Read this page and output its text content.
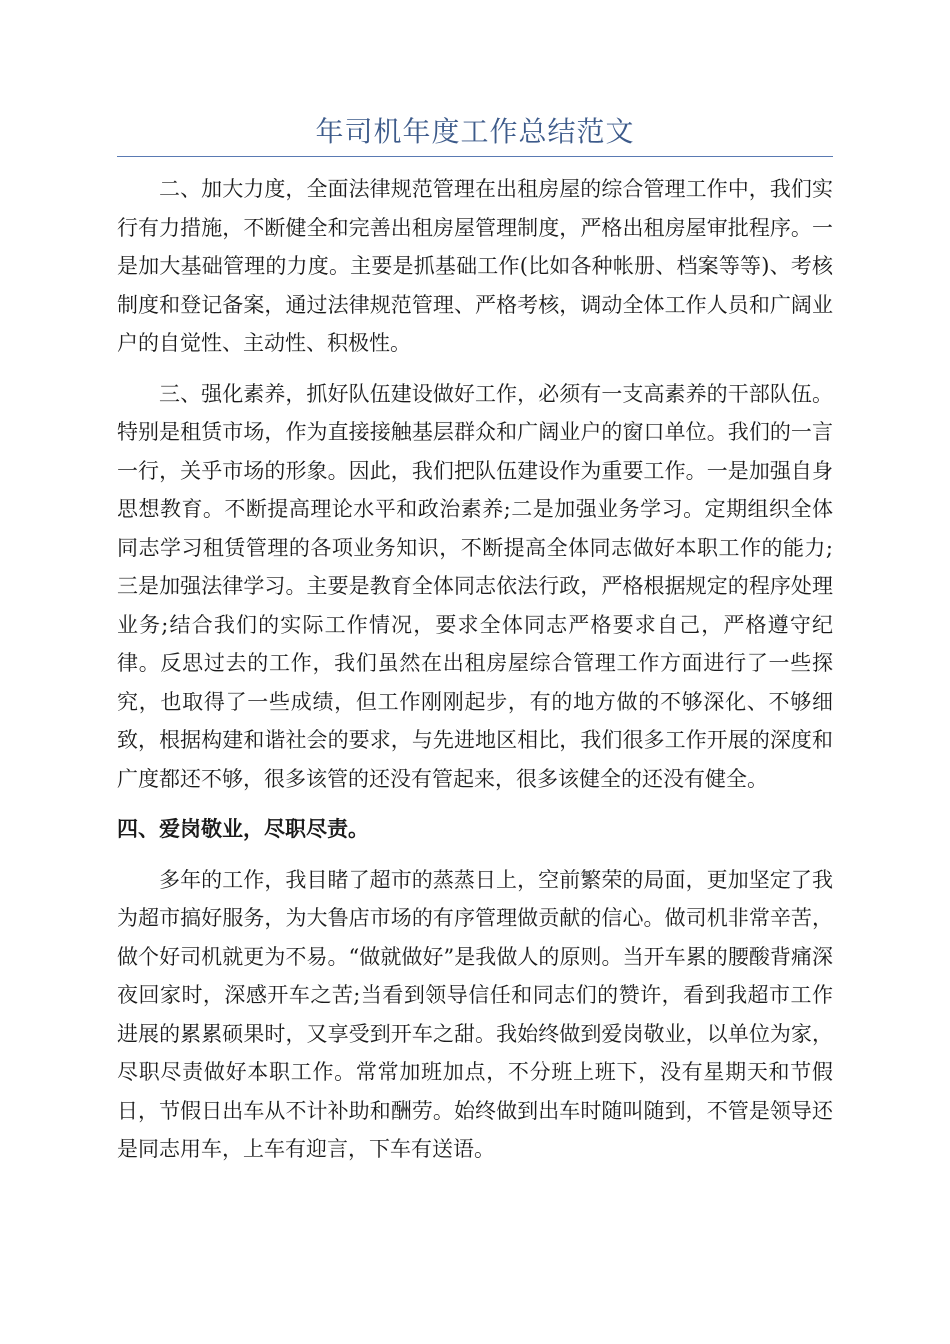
年司机年度工作总结范文

二、加大力度，全面法律规范管理在出租房屋的综合管理工作中，我们实行有力措施，不断健全和完善出租房屋管理制度，严格出租房屋审批程序。一是加大基础管理的力度。主要是抓基础工作(比如各种帐册、档案等等)、考核制度和登记备案，通过法律规范管理、严格考核，调动全体工作人员和广阔业户的自觉性、主动性、积极性。

三、强化素养，抓好队伍建设做好工作，必须有一支高素养的干部队伍。特别是租赁市场，作为直接接触基层群众和广阔业户的窗口单位。我们的一言一行，关乎市场的形象。因此，我们把队伍建设作为重要工作。一是加强自身思想教育。不断提高理论水平和政治素养;二是加强业务学习。定期组织全体同志学习租赁管理的各项业务知识，不断提高全体同志做好本职工作的能力;三是加强法律学习。主要是教育全体同志依法行政，严格根据规定的程序处理业务;结合我们的实际工作情况，要求全体同志严格要求自己，严格遵守纪律。反思过去的工作，我们虽然在出租房屋综合管理工作方面进行了一些探究，也取得了一些成绩，但工作刚刚起步，有的地方做的不够深化、不够细致，根据构建和谐社会的要求，与先进地区相比，我们很多工作开展的深度和广度都还不够，很多该管的还没有管起来，很多该健全的还没有健全。

四、爱岗敬业，尽职尽责。

多年的工作，我目睹了超市的蒸蒸日上，空前繁荣的局面，更加坚定了我为超市搞好服务，为大鲁店市场的有序管理做贡献的信心。做司机非常辛苦，做个好司机就更为不易。“做就做好”是我做人的原则。当开车累的腰酸背痛深夜回家时，深感开车之苦;当看到领导信任和同志们的赞许，看到我超市工作进展的累累硕果时，又享受到开车之甜。我始终做到爱岗敬业，以单位为家，尽职尽责做好本职工作。常常加班加点，不分班上班下，没有星期天和节假日，节假日出车从不计补助和酬劳。始终做到出车时随叫随到，不管是领导还是同志用车，上车有迎言，下车有送语。
